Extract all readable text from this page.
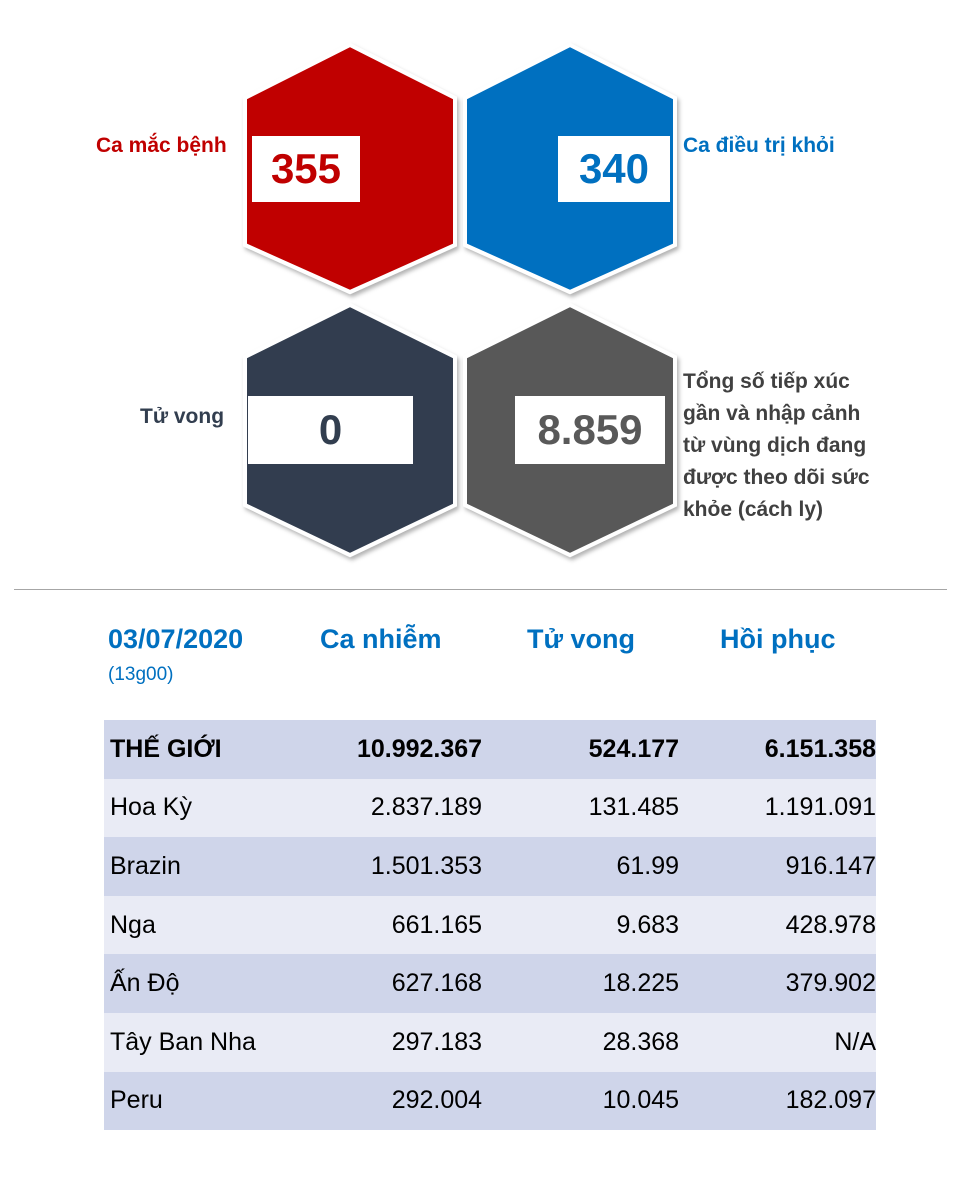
Ca mắc bệnh	355	Ca điều trị khỏi
340
Tử vong	0
Tổng số tiếp xúc gần và nhập cảnh từ vùng dịch đang được theo dõi sức khỏe (cách ly)
8.859
03/07/2020
(13g00)
Ca nhiễm	Tử vong	Hồi phục
THẾ GIỚI	10.992.367	524.177	6.151.358
Hoa Kỳ	2.837.189	131.485	1.191.091
Brazin	1.501.353	61.99	916.147
Nga	661.165	9.683	428.978
Ấn Độ	627.168	18.225	379.902
Tây Ban Nha	297.183	28.368	N/A
Peru	292.004	10.045	182.097
